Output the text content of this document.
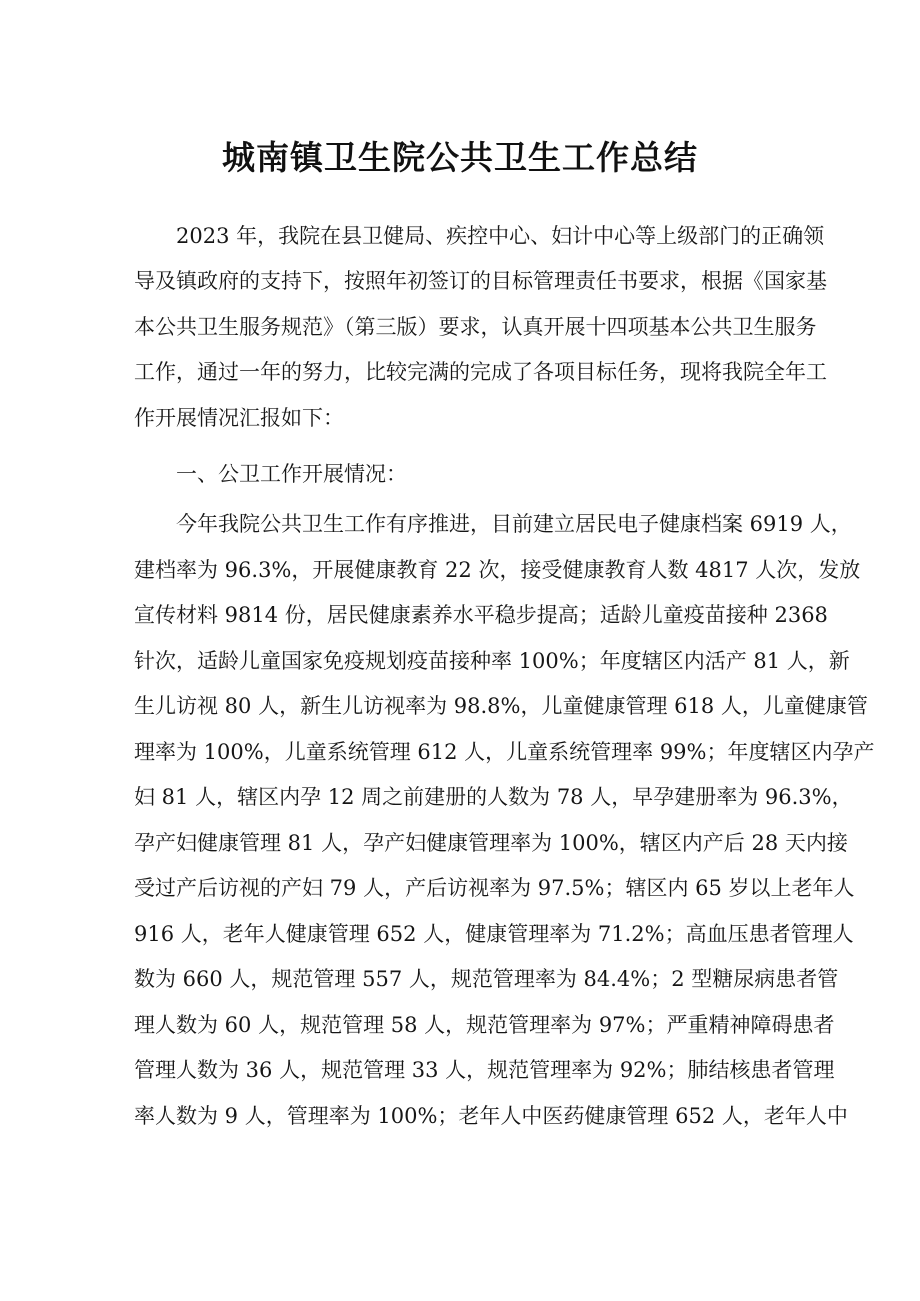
城南镇卫生院公共卫生工作总结
2023 年，我院在县卫健局、疾控中心、妇计中心等上级部门的正确领
导及镇政府的支持下，按照年初签订的目标管理责任书要求，根据《国家基
本公共卫生服务规范》（第三版）要求，认真开展十四项基本公共卫生服务
工作，通过一年的努力，比较完满的完成了各项目标任务，现将我院全年工
作开展情况汇报如下：
一、公卫工作开展情况：
今年我院公共卫生工作有序推进，目前建立居民电子健康档案 6919 人，
建档率为 96.3%，开展健康教育 22 次，接受健康教育人数 4817 人次，发放
宣传材料 9814 份，居民健康素养水平稳步提高；适龄儿童疫苗接种 2368
针次，适龄儿童国家免疫规划疫苗接种率 100%；年度辖区内活产 81 人，新
生儿访视 80 人，新生儿访视率为 98.8%，儿童健康管理 618 人，儿童健康管
理率为 100%，儿童系统管理 612 人，儿童系统管理率 99%；年度辖区内孕产
妇 81 人，辖区内孕 12 周之前建册的人数为 78 人，早孕建册率为 96.3%，
孕产妇健康管理 81 人，孕产妇健康管理率为 100%，辖区内产后 28 天内接
受过产后访视的产妇 79 人，产后访视率为 97.5%；辖区内 65 岁以上老年人
916 人，老年人健康管理 652 人，健康管理率为 71.2%；高血压患者管理人
数为 660 人，规范管理 557 人，规范管理率为 84.4%；2 型糖尿病患者管
理人数为 60 人，规范管理 58 人，规范管理率为 97%；严重精神障碍患者
管理人数为 36 人，规范管理 33 人，规范管理率为 92%；肺结核患者管理
率人数为 9 人，管理率为 100%；老年人中医药健康管理 652 人，老年人中
